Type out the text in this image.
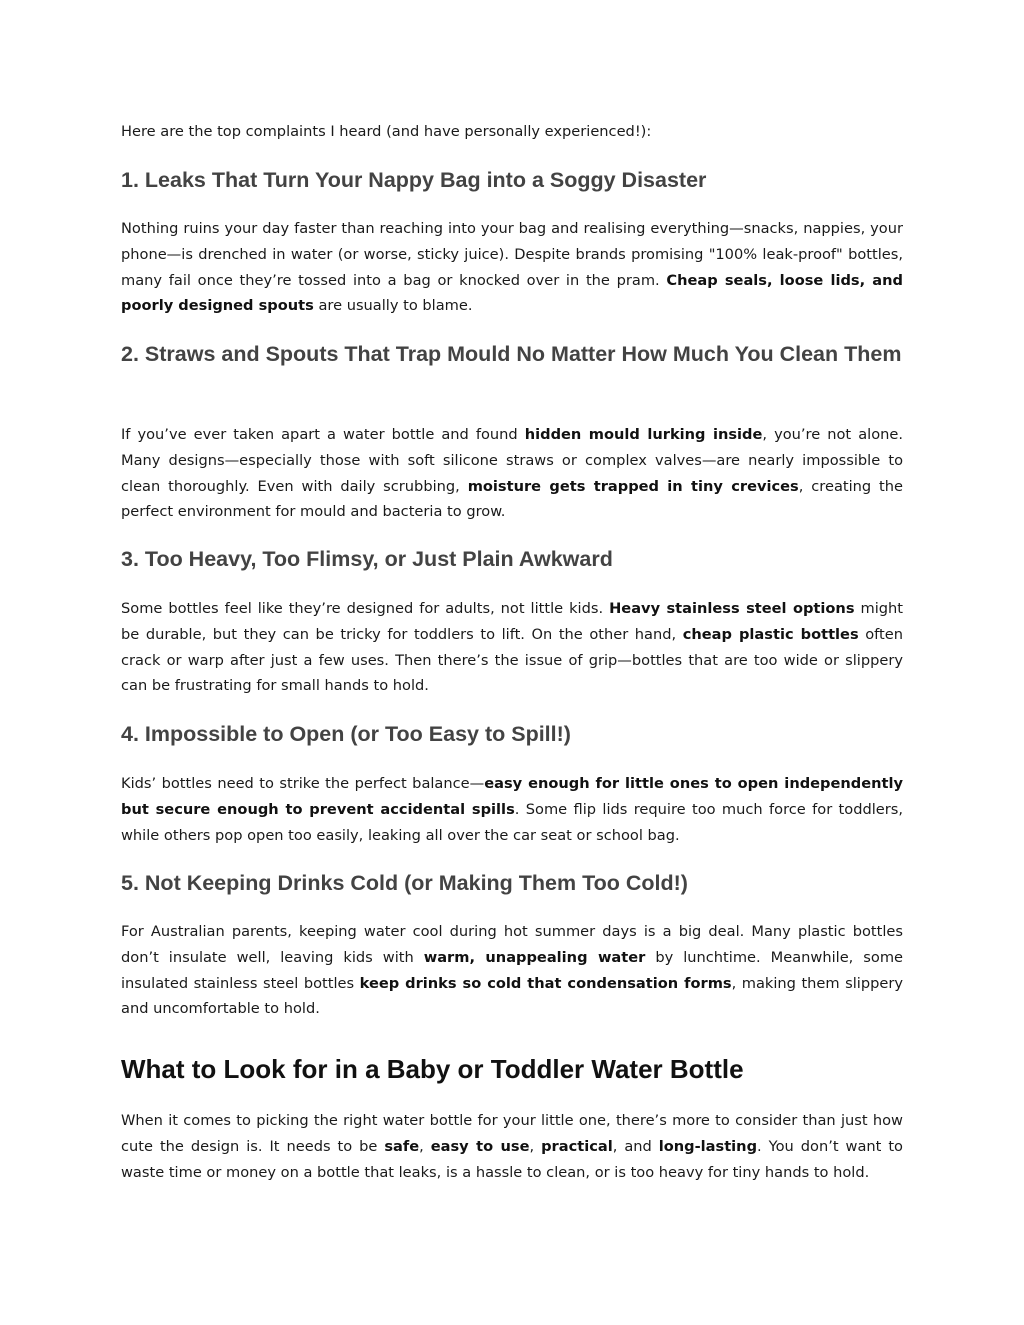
Here are the top complaints I heard (and have personally experienced!):

1. Leaks That Turn Your Nappy Bag into a Soggy Disaster

Nothing ruins your day faster than reaching into your bag and realising everything—snacks, nappies, your phone—is drenched in water (or worse, sticky juice). Despite brands promising "100% leak-proof" bottles, many fail once they’re tossed into a bag or knocked over in the pram. Cheap seals, loose lids, and poorly designed spouts are usually to blame.

2. Straws and Spouts That Trap Mould No Matter How Much You Clean Them

If you’ve ever taken apart a water bottle and found hidden mould lurking inside, you’re not alone. Many designs—especially those with soft silicone straws or complex valves—are nearly impossible to clean thoroughly. Even with daily scrubbing, moisture gets trapped in tiny crevices, creating the perfect environment for mould and bacteria to grow.

3. Too Heavy, Too Flimsy, or Just Plain Awkward

Some bottles feel like they’re designed for adults, not little kids. Heavy stainless steel options might be durable, but they can be tricky for toddlers to lift. On the other hand, cheap plastic bottles often crack or warp after just a few uses. Then there’s the issue of grip—bottles that are too wide or slippery can be frustrating for small hands to hold.

4. Impossible to Open (or Too Easy to Spill!)

Kids’ bottles need to strike the perfect balance—easy enough for little ones to open independently but secure enough to prevent accidental spills. Some flip lids require too much force for toddlers, while others pop open too easily, leaking all over the car seat or school bag.

5. Not Keeping Drinks Cold (or Making Them Too Cold!)

For Australian parents, keeping water cool during hot summer days is a big deal. Many plastic bottles don’t insulate well, leaving kids with warm, unappealing water by lunchtime. Meanwhile, some insulated stainless steel bottles keep drinks so cold that condensation forms, making them slippery and uncomfortable to hold.

What to Look for in a Baby or Toddler Water Bottle

When it comes to picking the right water bottle for your little one, there’s more to consider than just how cute the design is. It needs to be safe, easy to use, practical, and long-lasting. You don’t want to waste time or money on a bottle that leaks, is a hassle to clean, or is too heavy for tiny hands to hold.
